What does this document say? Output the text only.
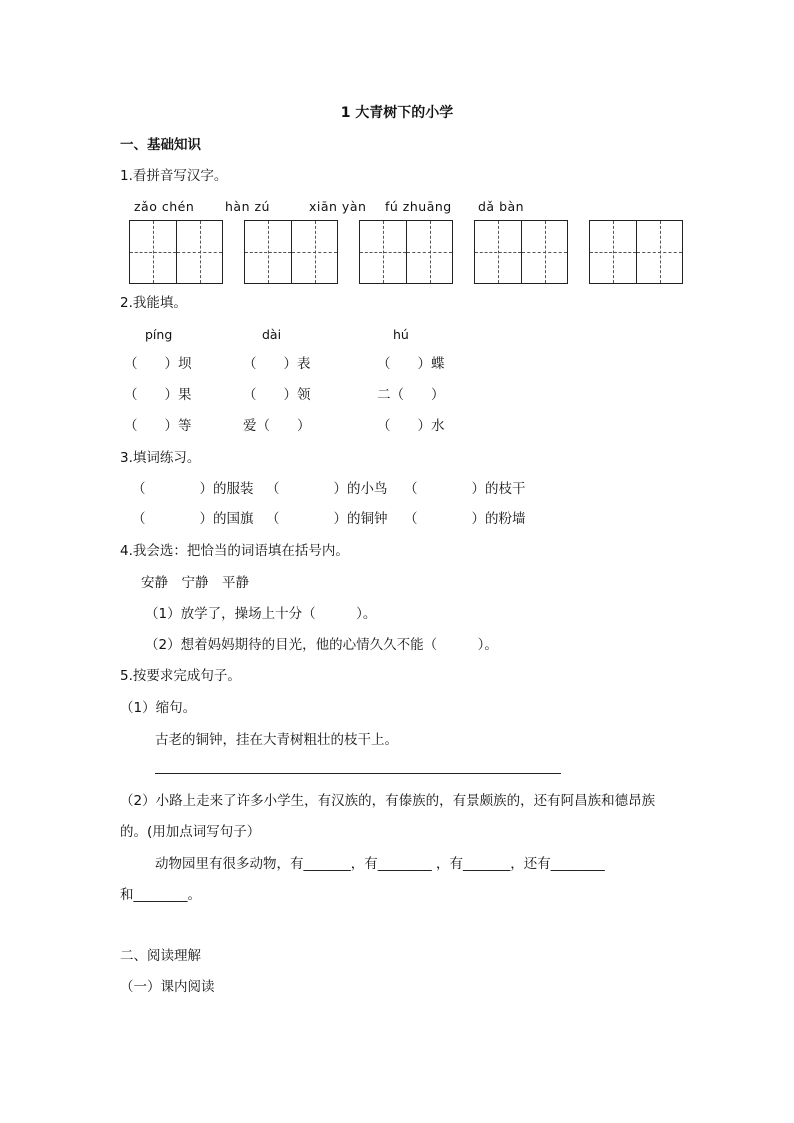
1 大青树下的小学
一、基础知识
1.看拼音写汉字。
zǎo chén hàn zú	xiān yàn fú zhuāng dǎ bàn
2.我能填。
píng	dài	hú
（　　）坝	（　　）表	（　　）蝶
（　　）果	（　　）领	二（　　）
（　　）等	爱（　　）	（　　）水
3.填词练习。
（　　　　）的服装 （　　　　）的小鸟 （　　　　）的枝干
（　　　　）的国旗 （　　　　）的铜钟 （　　　　）的粉墙
4.我会选：把恰当的词语填在括号内。
安静　宁静　平静
（1）放学了，操场上十分（　　　）。
（2）想着妈妈期待的目光，他的心情久久不能（　　　）。
5.按要求完成句子。
（1）缩句。
古老的铜钟，挂在大青树粗壮的枝干上。
（2）小路上走来了许多小学生，有汉族的，有傣族的，有景颇族的，还有阿昌族和德昂族
的。(用加点词写句子）
动物园里有很多动物，有_______，有________ ，有_______，还有________
和________。
二、阅读理解
（一）课内阅读
